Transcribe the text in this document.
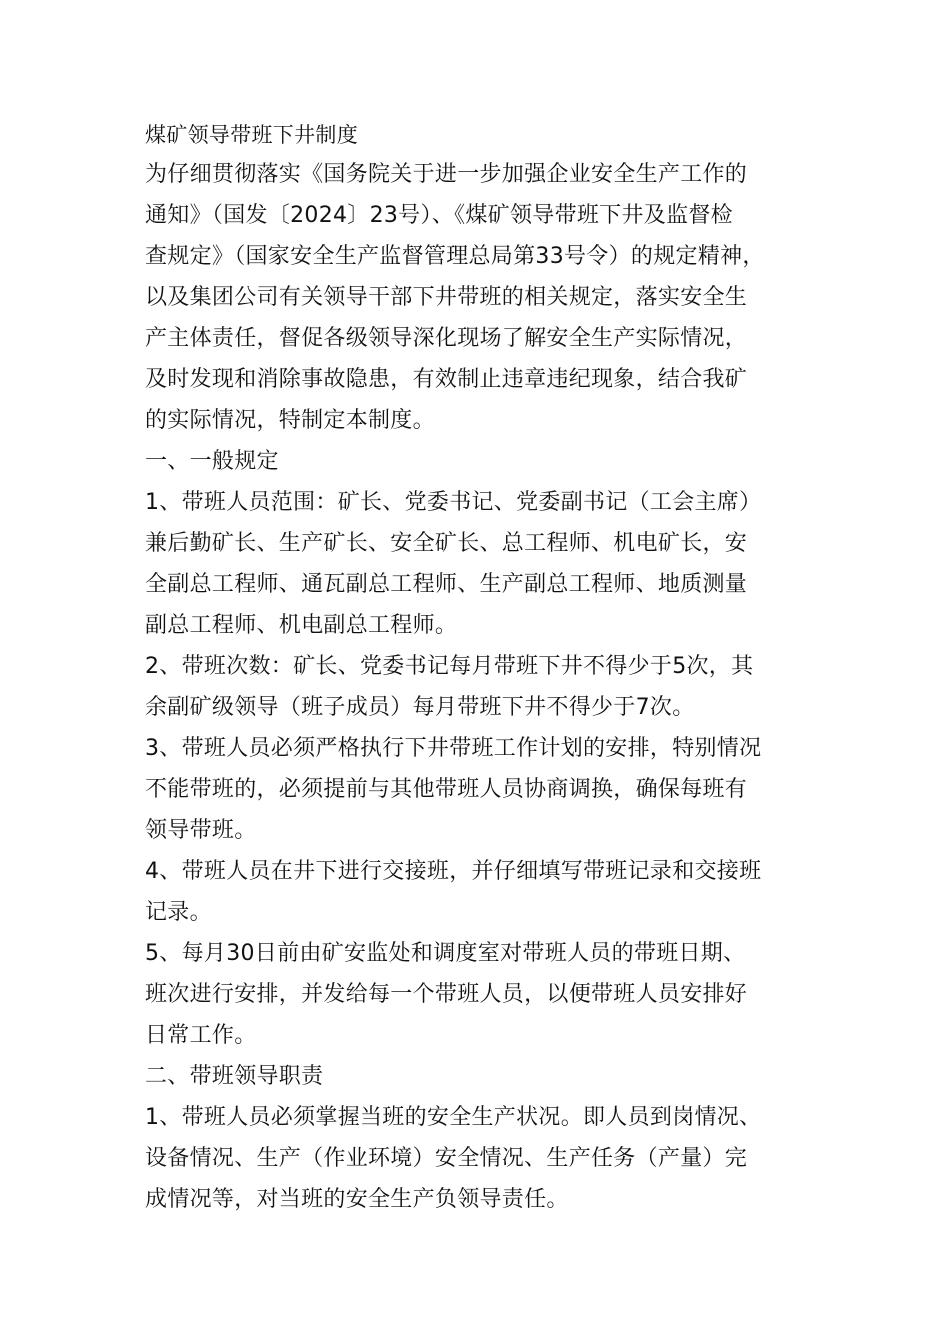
煤矿领导带班下井制度
为仔细贯彻落实《国务院关于进一步加强企业安全生产工作的
通知》（国发〔2024〕23号）、《煤矿领导带班下井及监督检
查规定》（国家安全生产监督管理总局第33号令）的规定精神，
以及集团公司有关领导干部下井带班的相关规定，落实安全生
产主体责任，督促各级领导深化现场了解安全生产实际情况，
及时发现和消除事故隐患，有效制止违章违纪现象，结合我矿
的实际情况，特制定本制度。
一、一般规定
1、带班人员范围：矿长、党委书记、党委副书记（工会主席）
兼后勤矿长、生产矿长、安全矿长、总工程师、机电矿长，安
全副总工程师、通瓦副总工程师、生产副总工程师、地质测量
副总工程师、机电副总工程师。
2、带班次数：矿长、党委书记每月带班下井不得少于5次，其
余副矿级领导（班子成员）每月带班下井不得少于7次。
3、带班人员必须严格执行下井带班工作计划的安排，特别情况
不能带班的，必须提前与其他带班人员协商调换，确保每班有
领导带班。
4、带班人员在井下进行交接班，并仔细填写带班记录和交接班
记录。
5、每月30日前由矿安监处和调度室对带班人员的带班日期、
班次进行安排，并发给每一个带班人员，以便带班人员安排好
日常工作。
二、带班领导职责
1、带班人员必须掌握当班的安全生产状况。即人员到岗情况、
设备情况、生产（作业环境）安全情况、生产任务（产量）完
成情况等，对当班的安全生产负领导责任。
